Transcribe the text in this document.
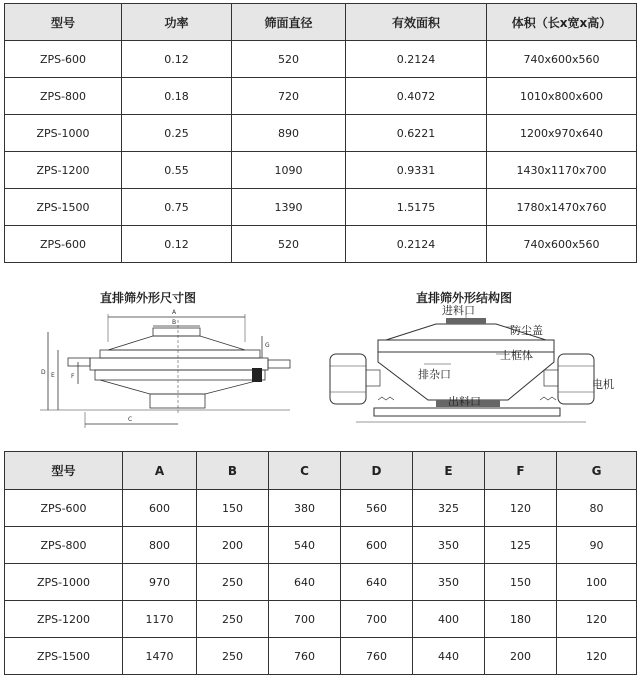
型号	功率	筛面直径	有效面积	体积（长x宽x高）
ZPS-600	0.12	520	0.2124	740x600x560
ZPS-800	0.18	720	0.4072	1010x800x600
ZPS-1000	0.25	890	0.6221	1200x970x640
ZPS-1200	0.55	1090	0.9331	1430x1170x700
ZPS-1500	0.75	1390	1.5175	1780x1470x760
ZPS-600	0.12	520	0.2124	740x600x560
直排筛外形尺寸图	直排筛外形结构图
A
B
D E	F
G
C
进料口
防尘盖
上框体
排杂口
电机
出料口
型号	A	B	C	D	E	F	G
ZPS-600	600	150	380	560	325	120	80
ZPS-800	800	200	540	600	350	125	90
ZPS-1000	970	250	640	640	350	150	100
ZPS-1200	1170	250	700	700	400	180	120
ZPS-1500	1470	250	760	760	440	200	120
